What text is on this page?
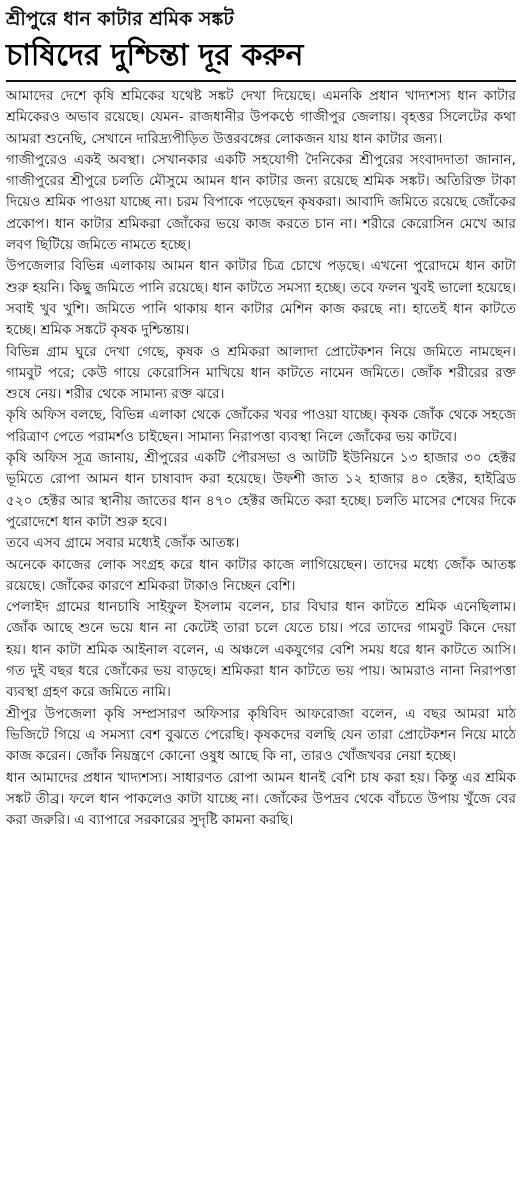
শ্রীপুরে ধান কাটার শ্রমিক সঙ্কট
চাষিদের দুশ্চিন্তা দূর করুন

আমাদের দেশে কৃষি শ্রমিকের যথেষ্ট সঙ্কট দেখা দিয়েছে। এমনকি প্রধান খাদ্যশস্য ধান কাটার শ্রমিকেরও অভাব রয়েছে। যেমন- রাজধানীর উপকণ্ঠে গাজীপুর জেলায়। বৃহত্তর সিলেটের কথা আমরা শুনেছি, সেখানে দারিদ্র্যপীড়িত উত্তরবঙ্গের লোকজন যায় ধান কাটার জন্য।

গাজীপুরেও একই অবস্থা। সেখানকার একটি সহযোগী দৈনিকের শ্রীপুরের সংবাদদাতা জানান, গাজীপুরের শ্রীপুরে চলতি মৌসুমে আমন ধান কাটার জন্য রয়েছে শ্রমিক সঙ্কট। অতিরিক্ত টাকা দিয়েও শ্রমিক পাওয়া যাচ্ছে না। চরম বিপাকে পড়েছেন কৃষকরা। আবাদি জমিতে রয়েছে জোঁকের প্রকোপ। ধান কাটার শ্রমিকরা জোঁকের ভয়ে কাজ করতে চান না। শরীরে কেরোসিন মেখে আর লবণ ছিটিয়ে জমিতে নামতে হচ্ছে।

উপজেলার বিভিন্ন এলাকায় আমন ধান কাটার চিত্র চোখে পড়ছে। এখনো পুরোদমে ধান কাটা শুরু হয়নি। কিছু জমিতে পানি রয়েছে। ধান কাটতে সমস্যা হচ্ছে। তবে ফলন খুবই ভালো হয়েছে। সবাই খুব খুশি। জমিতে পানি থাকায় ধান কাটার মেশিন কাজ করছে না। হাতেই ধান কাটতে হচ্ছে। শ্রমিক সঙ্কটে কৃষক দুশ্চিন্তায়।

বিভিন্ন গ্রাম ঘুরে দেখা গেছে, কৃষক ও শ্রমিকরা আলাদা প্রোটেকশন নিয়ে জমিতে নামছেন। গামবুট পরে; কেউ গায়ে কেরোসিন মাখিয়ে ধান কাটতে নামেন জমিতে। জোঁক শরীরের রক্ত শুষে নেয়। শরীর থেকে সামান্য রক্ত ঝরে।

কৃষি অফিস বলছে, বিভিন্ন এলাকা থেকে জোঁকের খবর পাওয়া যাচ্ছে। কৃষক জোঁক থেকে সহজে পরিত্রাণ পেতে পরামর্শও চাইছেন। সামান্য নিরাপত্তা ব্যবস্থা নিলে জোঁকের ভয় কাটবে।

কৃষি অফিস সূত্র জানায়, শ্রীপুরের একটি পৌরসভা ও আটটি ইউনিয়নে ১৩ হাজার ৩০ হেক্টর ভূমিতে রোপা আমন ধান চাষাবাদ করা হয়েছে। উফশী জাত ১২ হাজার ৪০ হেক্টর, হাইব্রিড ৫২০ হেক্টর আর স্থানীয় জাতের ধান ৪৭০ হেক্টর জমিতে করা হচ্ছে। চলতি মাসের শেষের দিকে পুরোদেশে ধান কাটা শুরু হবে।

তবে এসব গ্রামে সবার মধ্যেই জোঁক আতঙ্ক।

অনেকে কাজের লোক সংগ্রহ করে ধান কাটার কাজে লাগিয়েছেন। তাদের মধ্যে জোঁক আতঙ্ক রয়েছে। জোঁকের কারণে শ্রমিকরা টাকাও নিচ্ছেন বেশি।

পেলাইদ গ্রামের ধানচাষি সাইফুল ইসলাম বলেন, চার বিঘার ধান কাটতে শ্রমিক এনেছিলাম। জোঁক আছে শুনে ভয়ে ধান না কেটেই তারা চলে যেতে চায়। পরে তাদের গামবুট কিনে দেয়া হয়। ধান কাটা শ্রমিক আইনাল বলেন, এ অঞ্চলে একযুগের বেশি সময় ধরে ধান কাটতে আসি। গত দুই বছর ধরে জোঁকের ভয় বাড়ছে। শ্রমিকরা ধান কাটতে ভয় পায়। আমরাও নানা নিরাপত্তা ব্যবস্থা গ্রহণ করে জমিতে নামি।

শ্রীপুর উপজেলা কৃষি সম্প্রসারণ অফিসার কৃষিবিদ আফরোজা বলেন, এ বছর আমরা মাঠ ভিজিটে গিয়ে এ সমস্যা বেশ বুঝতে পেরেছি। কৃষকদের বলছি যেন তারা প্রোটেকশন নিয়ে মাঠে কাজ করেন। জোঁক নিয়ন্ত্রণে কোনো ওষুধ আছে কি না, তারও খোঁজখবর নেয়া হচ্ছে।

ধান আমাদের প্রধান খাদ্যশস্য। সাধারণত রোপা আমন ধানই বেশি চাষ করা হয়। কিন্তু এর শ্রমিক সঙ্কট তীব্র। ফলে ধান পাকলেও কাটা যাচ্ছে না। জোঁকের উপদ্রব থেকে বাঁচতে উপায় খুঁজে বের করা জরুরি। এ ব্যাপারে সরকারের সুদৃষ্টি কামনা করছি।
